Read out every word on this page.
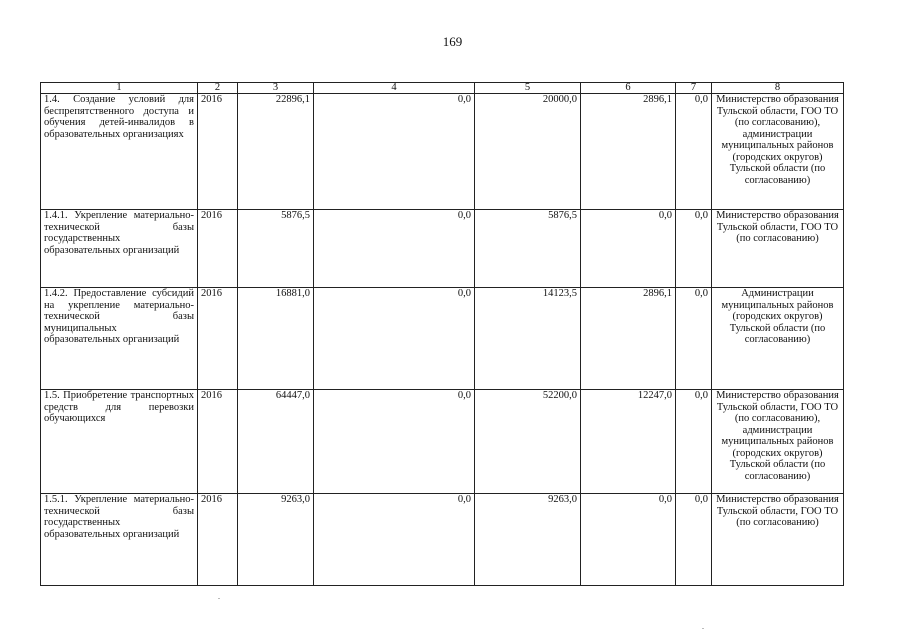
169
1	2	3	4	5	6	7	8
1.4. Создание условий для беспрепятственного доступа и обучения детей-инвалидов в образовательных организациях	2016	22896,1	0,0	20000,0	2896,1	0,0	Министерство образования Тульской области, ГОО ТО (по согласованию), администрации муниципальных районов (городских округов) Тульской области (по согласованию)
1.4.1. Укрепление материально-технической базы государственных образовательных организаций	2016	5876,5	0,0	5876,5	0,0	0,0	Министерство образования Тульской области, ГОО ТО (по согласованию)
1.4.2. Предоставление субсидий на укрепление материально-технической базы муниципальных образовательных организаций	2016	16881,0	0,0	14123,5	2896,1	0,0	Администрации муниципальных районов (городских округов) Тульской области (по согласованию)
1.5. Приобретение транспортных средств для перевозки обучающихся	2016	64447,0	0,0	52200,0	12247,0	0,0	Министерство образования Тульской области, ГОО ТО (по согласованию), администрации муниципальных районов (городских округов) Тульской области (по согласованию)
1.5.1. Укрепление материально-технической базы государственных образовательных организаций	2016	9263,0	0,0	9263,0	0,0	0,0	Министерство образования Тульской области, ГОО ТО (по согласованию)
